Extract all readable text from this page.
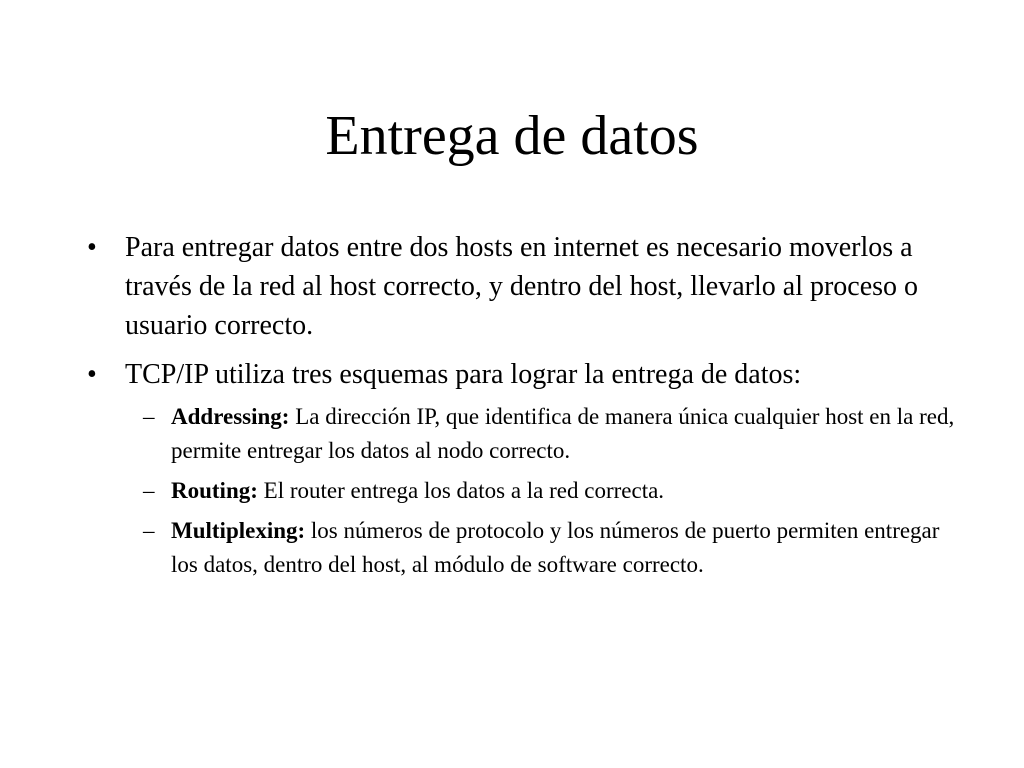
Entrega de datos
• Para entregar datos entre dos hosts en internet es necesario moverlos a través de la red al host correcto, y dentro del host, llevarlo al proceso o usuario correcto.
• TCP/IP utiliza tres esquemas para lograr la entrega de datos:
– Addressing: La dirección IP, que identifica de manera única cualquier host en la red, permite entregar los datos al nodo correcto.
– Routing: El router entrega los datos a la red correcta.
– Multiplexing: los números de protocolo y los números de puerto permiten entregar los datos, dentro del host, al módulo de software correcto.
